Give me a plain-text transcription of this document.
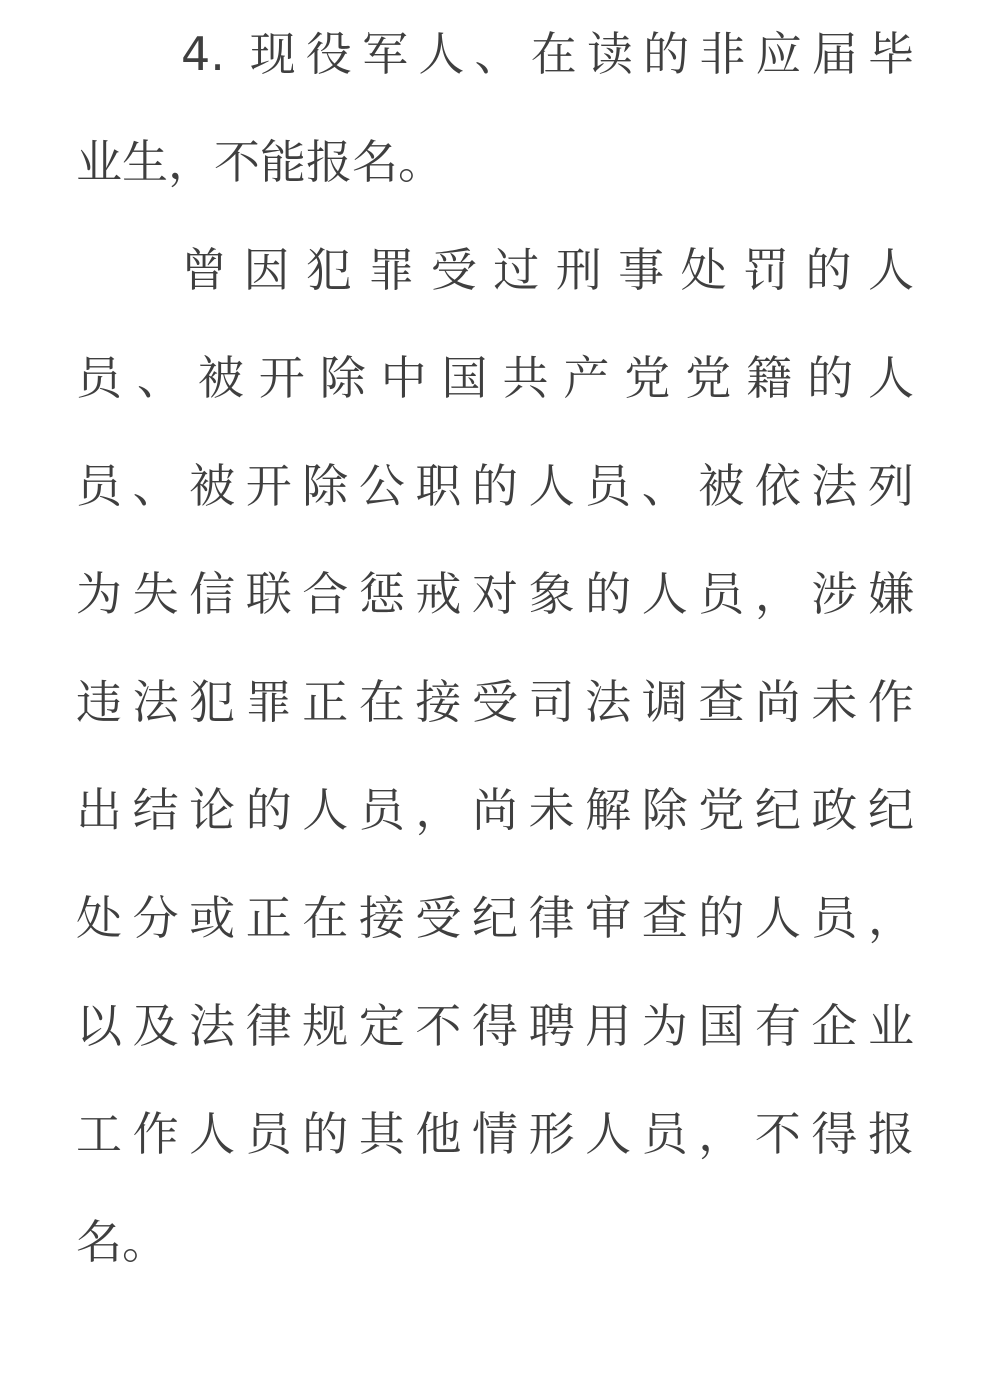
4. 现役军人、在读的非应届毕
业生，不能报名。
曾因犯罪受过刑事处罚的人
员、被开除中国共产党党籍的人
员、被开除公职的人员、被依法列
为失信联合惩戒对象的人员，涉嫌
违法犯罪正在接受司法调查尚未作
出结论的人员，尚未解除党纪政纪
处分或正在接受纪律审查的人员，
以及法律规定不得聘用为国有企业
工作人员的其他情形人员，不得报
名。
